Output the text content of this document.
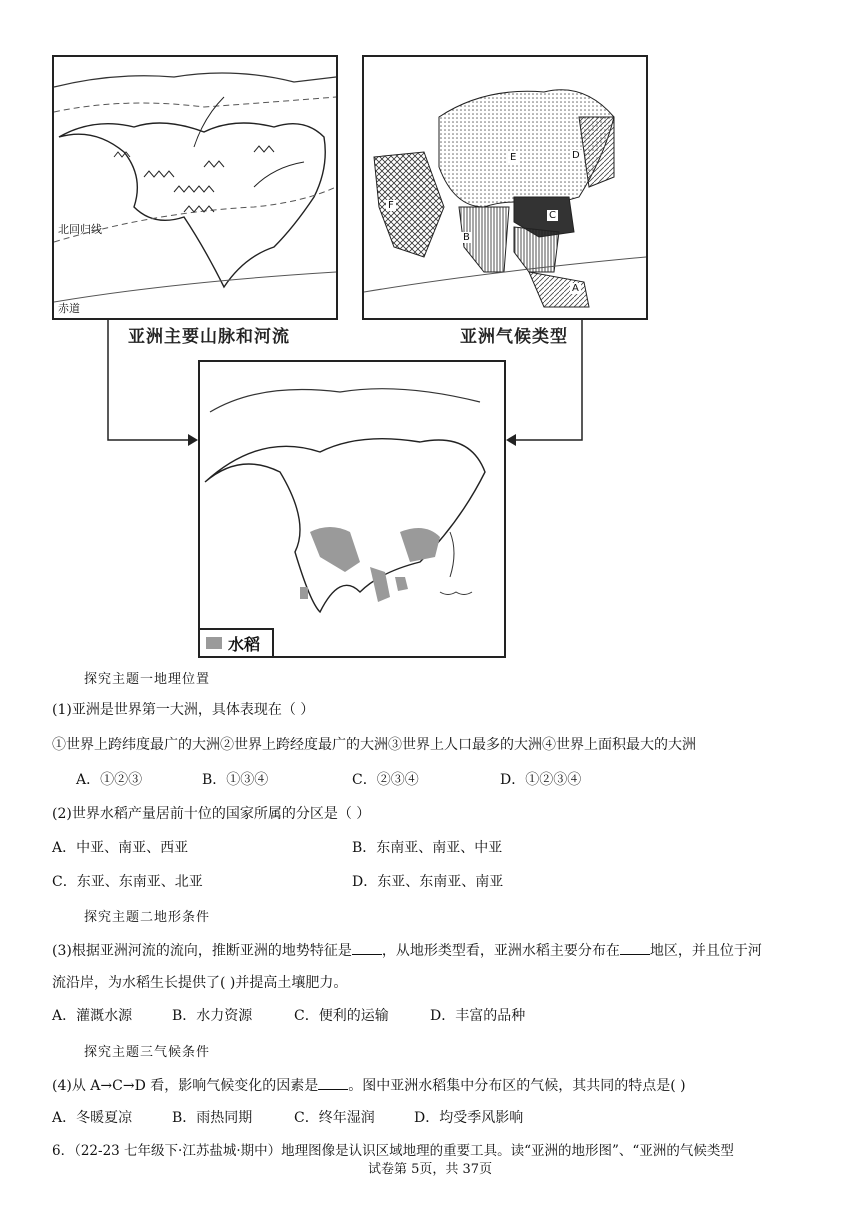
北回归线
赤道
亚洲主要山脉和河流
A
B
C
D
E
F
亚洲气候类型
水稻
探究主题一地理位置
(1)亚洲是世界第一大洲，具体表现在（ ）
①世界上跨纬度最广的大洲②世界上跨经度最广的大洲③世界上人口最多的大洲④世界上面积最大的大洲
A．①②③	B．①③④	C．②③④	D．①②③④
(2)世界水稻产量居前十位的国家所属的分区是（ ）
A．中亚、南亚、西亚	B．东南亚、南亚、中亚
C．东亚、东南亚、北亚	D．东亚、东南亚、南亚
探究主题二地形条件
(3)根据亚洲河流的流向，推断亚洲的地势特征是 ，从地形类型看，亚洲水稻主要分布在 地区，并且位于河
流沿岸，为水稻生长提供了( )并提高土壤肥力。
A．灌溉水源	B．水力资源	C．便利的运输	D．丰富的品种
探究主题三气候条件
(4)从 A→C→D 看，影响气候变化的因素是 。图中亚洲水稻集中分布区的气候，其共同的特点是( )
A．冬暖夏凉	B．雨热同期	C．终年湿润	D．均受季风影响
6．（22-23 七年级下·江苏盐城·期中）地理图像是认识区域地理的重要工具。读“亚洲的地形图”、“亚洲的气候类型
试卷第 5页，共 37页
